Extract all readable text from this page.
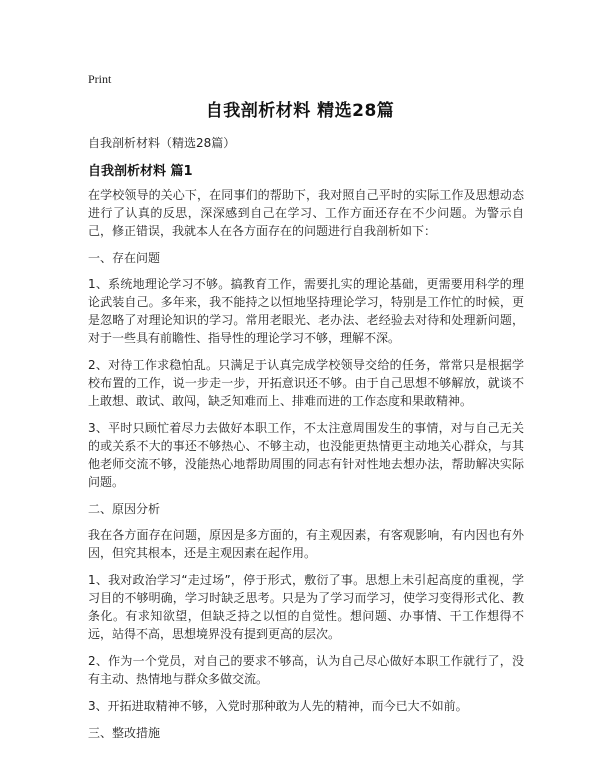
Print
自我剖析材料 精选28篇
自我剖析材料（精选28篇）
自我剖析材料 篇1

在学校领导的关心下，在同事们的帮助下，我对照自己平时的实际工作及思想动态进行了认真的反思，深深感到自己在学习、工作方面还存在不少问题。为警示自己，修正错误，我就本人在各方面存在的问题进行自我剖析如下：

一、存在问题

1、系统地理论学习不够。搞教育工作，需要扎实的理论基础，更需要用科学的理论武装自己。多年来，我不能持之以恒地坚持理论学习，特别是工作忙的时候，更是忽略了对理论知识的学习。常用老眼光、老办法、老经验去对待和处理新问题，对于一些具有前瞻性、指导性的理论学习不够，理解不深。

2、对待工作求稳怕乱。只满足于认真完成学校领导交给的任务，常常只是根据学校布置的工作，说一步走一步，开拓意识还不够。由于自己思想不够解放，就谈不上敢想、敢试、敢闯，缺乏知难而上、排难而进的工作态度和果敢精神。

3、平时只顾忙着尽力去做好本职工作，不太注意周围发生的事情，对与自己无关的或关系不大的事还不够热心、不够主动，也没能更热情更主动地关心群众，与其他老师交流不够，没能热心地帮助周围的同志有针对性地去想办法，帮助解决实际问题。

二、原因分析

我在各方面存在问题，原因是多方面的，有主观因素，有客观影响，有内因也有外因，但究其根本，还是主观因素在起作用。

1、我对政治学习“走过场”，停于形式，敷衍了事。思想上未引起高度的重视，学习目的不够明确，学习时缺乏思考。只是为了学习而学习，使学习变得形式化、教条化。有求知欲望，但缺乏持之以恒的自觉性。想问题、办事情、干工作想得不远，站得不高，思想境界没有提到更高的层次。

2、作为一个党员，对自己的要求不够高，认为自己尽心做好本职工作就行了，没有主动、热情地与群众多做交流。

3、开拓进取精神不够，入党时那种敢为人先的精神，而今已大不如前。

三、整改措施
